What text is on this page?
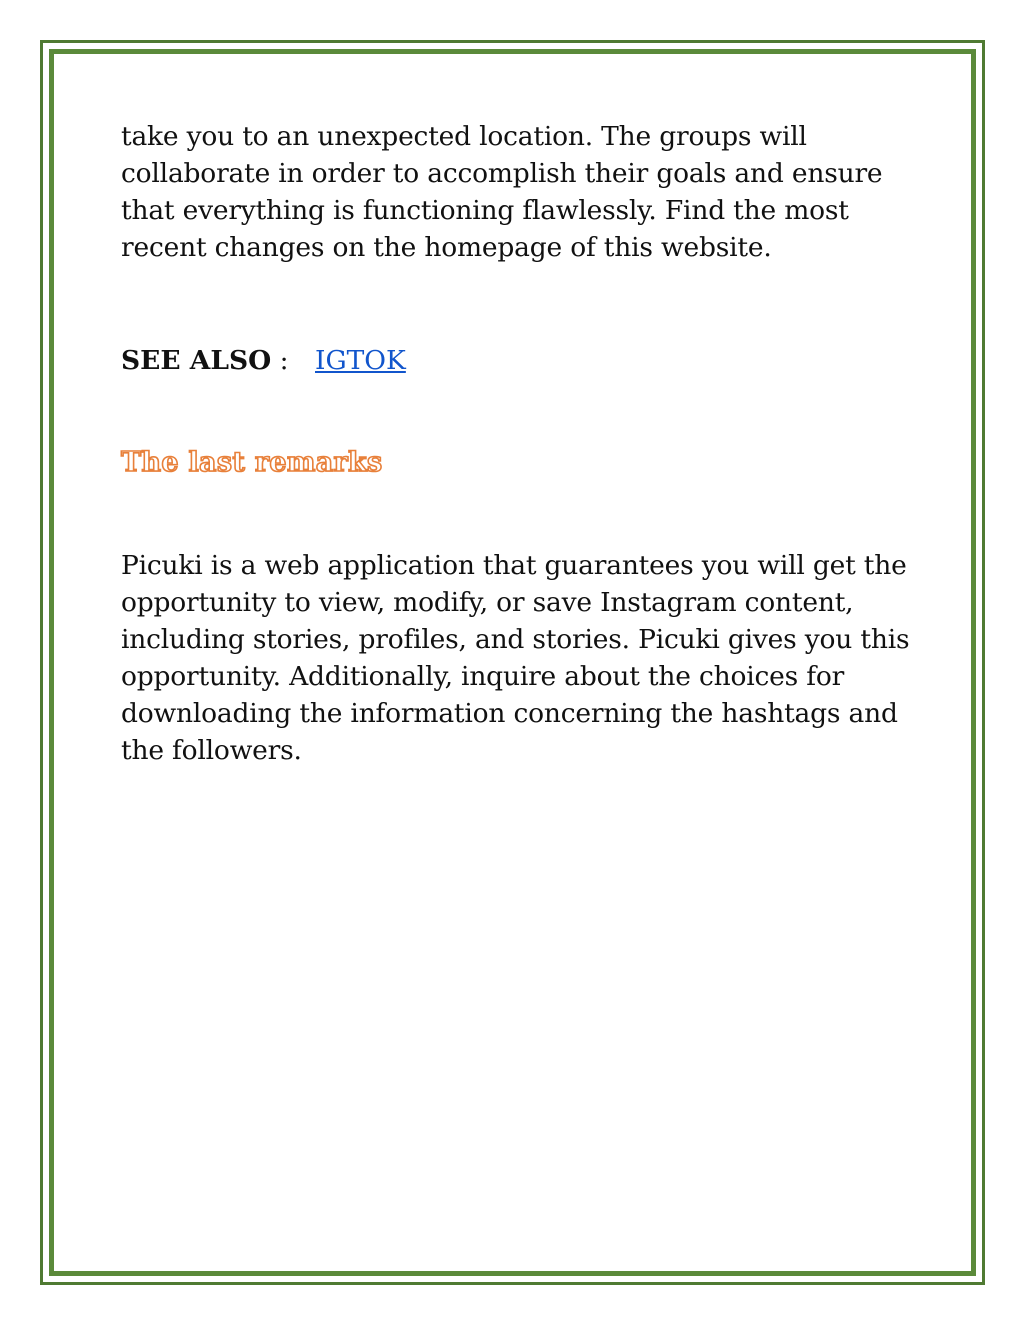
take you to an unexpected location. The groups will collaborate in order to accomplish their goals and ensure that everything is functioning flawlessly. Find the most recent changes on the homepage of this website.

SEE ALSO : IGTOK
The last remarks

Picuki is a web application that guarantees you will get the opportunity to view, modify, or save Instagram content, including stories, profiles, and stories. Picuki gives you this opportunity. Additionally, inquire about the choices for downloading the information concerning the hashtags and the followers.
